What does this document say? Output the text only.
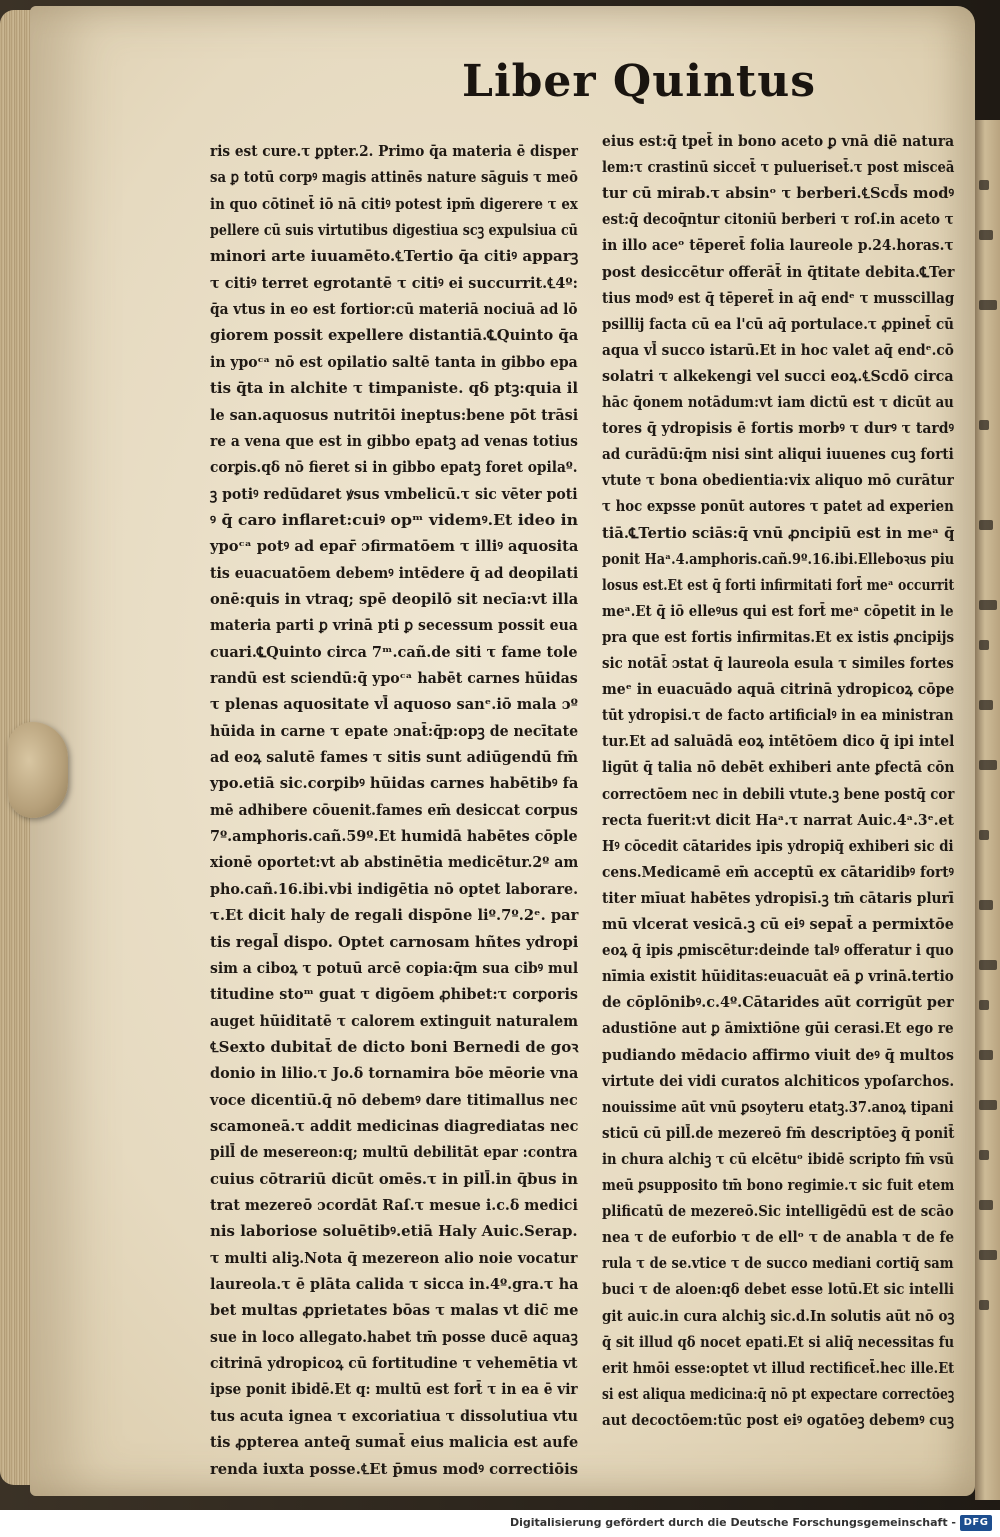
Liber Quintus
ris est cure.τ ꝑpter.2. Primo q̄a materia ē disper
sa ꝑ totū corpꝰ magis attinēs nature sāguis τ meō
in quo cōtinet̄ iō nā citiꝰ potest ipm̄ digerere τ ex
pellere cū suis virtutibus digestiua scꝫ expulsiua cū
minori arte iuuamēto.℄Tertio q̄a citiꝰ apparꝫ
τ citiꝰ terret egrotantē τ citiꝰ ei succurrit.℄4º:
q̄a vtus in eo est fortior:cū materiā nociuā ad lō
giorem possit expellere distantiā.℄Quinto q̄a
in ypoᶜᵃ nō est opilatio saltē tanta in gibbo epa
tis q̄ta in alchite τ timpaniste. qδ ptꝫ:quia il
le san.aquosus nutritōi ineptus:bene pōt trāsi
re a vena que est in gibbo epatꝫ ad venas totius
corꝑis.qδ nō fieret si in gibbo epatꝫ foret opilaº.
ꝫ potiꝰ redūdaret ꝟsus vmbelicū.τ sic vēter poti
ꝰ q̄ caro inflaret:cuiꝰ opᵐ videmꝰ.Et ideo in
ypoᶜᵃ potꝰ ad epar̄ ɔfirmatōem τ illiꝰ aquosita
tis euacuatōem debemꝰ intēdere q̄ ad deopilati
onē:quis in vtraq; spē deopilō sit necīa:vt illa
materia parti ꝑ vrinā pti ꝑ secessum possit eua
cuari.℄Quinto circa 7ᵐ.cañ.de siti τ fame tole
randū est sciendū:q̄ ypoᶜᵃ habēt carnes hūidas
τ plenas aquositate vl̄ aquoso sanᵉ.iō mala ɔº
hūida in carne τ epate ɔnat̄:q̄p:opꝫ de necītate
ad eoꝝ salutē fames τ sitis sunt adiūgendū fm̄
ypo.etiā sic.corꝑibꝰ hūidas carnes habētibꝰ fa
mē adhibere cōuenit.fames em̄ desiccat corpus
7º.amphoris.cañ.59º.Et humidā habētes cōple
xionē oportet:vt ab abstinētia medicētur.2º am
pho.cañ.16.ibi.vbi indigētia nō optet laborare.
τ.Et dicit haly de regali dispōne liº.7º.2ᵉ. par
tis regal̄ dispo. Optet carnosam hñtes ydropi
sim a ciboꝝ τ potuū arcē copia:q̄m sua cibꝰ mul
titudine stoᵐ guat τ digōem ꝓhibet:τ corꝑoris
auget hūiditatē τ calorem extinguit naturalem
℄Sexto dubitat̄ de dicto boni Bernedi de goꝛ
donio in lilio.τ Jo.δ tornamira bōe mēorie vna
voce dicentiū.q̄ nō debemꝰ dare titimallus nec
scamoneā.τ addit medicinas diagrediatas nec
pill̄ de mesereon:q; multū debilitāt epar :contra
cuius cōtrariū dicūt omēs.τ in pill̄.in q̄bus in
trat mezereō ɔcordāt Raſ.τ mesue i.c.δ medici
nis laboriose soluētibꝰ.etiā Haly Auic.Serap.
τ multi aliꝫ.Nota q̄ mezereon alio noie vocatur
laureola.τ ē plāta calida τ sicca in.4º.gra.τ ha
bet multas ꝓprietates bōas τ malas vt dic̄ me
sue in loco allegato.habet tm̄ posse ducē aquaꝫ
citrinā ydropicoꝝ cū fortitudine τ vehemētia vt
ipse ponit ibidē.Et q: multū est fort̄ τ in ea ē vir
tus acuta ignea τ excoriatiua τ dissolutiua vtu
tis ꝓpterea anteq̄ sumat̄ eius malicia est aufe
renda iuxta posse.℄Et p̄mus modꝰ correctiōis
eius est:q̄ tpet̄ in bono aceto ꝑ vnā diē natura
lem:τ crastinū siccet̄ τ pulueriset̄.τ post misceā
tur cū mirab.τ absinᵒ τ berberi.℄Scd̄s modꝰ
est:q̄ decoq̄ntur citoniū berberi τ roſ.in aceto τ
in illo aceᵒ tēperet̄ folia laureole p.24.horas.τ
post desiccētur offerāt̄ in q̄titate debita.℄Ter
tius modꝰ est q̄ tēperet̄ in aq̄ endᵉ τ musscillag
psillij facta cū ea l'cū aq̄ portulace.τ ꝓpinet̄ cū
aqua vl̄ succo istarū.Et in hoc valet aq̄ endᵉ.cō
solatri τ alkekengi vel succi eoꝝ.℄Scdō circa
hāc q̄onem notādum:vt iam dictū est τ dicūt au
tores q̄ ydropisis ē fortis morbꝰ τ durꝰ τ tardꝰ
ad curādū:q̄m nisi sint aliqui iuuenes cuꝫ forti
vtute τ bona obedientia:vix aliquo mō curātur
τ hoc expsse ponūt autores τ patet ad experien
tiā.℄Tertio sciās:q̄ vnū ꝓncipiū est in meᵃ q̄
ponit Haᵃ.4.amphoris.cañ.9º.16.ibi.Elleboꝛus piu
losus est.Et est q̄ forti infirmitati fort̄ meᵃ occurrit
meᵃ.Et q̄ iō elleꝰus qui est fort̄ meᵃ cōpetit in le
pra que est fortis infirmitas.Et ex istis ꝓncipijs
sic notāt̄ ɔstat q̄ laureola esula τ similes fortes
meᵉ in euacuādo aquā citrinā ydropicoꝝ cōpe
tūt ydropisi.τ de facto artificialꝰ in ea ministran
tur.Et ad saluādā eoꝝ intētōem dico q̄ ipi intel
ligūt q̄ talia nō debēt exhiberi ante ꝑfectā cōn
correctōem nec in debili vtute.ꝫ bene postq̄ cor
recta fuerit:vt dicit Haᵃ.τ narrat Auic.4ᵃ.3ᵉ.et
Hꝰ cōcedit cātarides ipis ydropiq̄ exhiberi sic di
cens.Medicamē em̄ acceptū ex cātaridibꝰ fortꝰ
titer mīuat habētes ydropisī.ꝫ tm̄ cātaris plurī
mū vlcerat vesicā.ꝫ cū eiꝰ sepat̄ a permixtōe
eoꝝ q̄ ipis ꝓmiscētur:deinde talꝰ offeratur i quo
nīmia existit hūiditas:euacuāt eā ꝑ vrinā.tertio
de cōplōnibꝰ.c.4º.Cātarides aūt corrigūt per
adustiōne aut ꝑ āmixtiōne gūi cerasi.Et ego re
pudiando mēdacio affirmo viuit deꝰ q̄ multos
virtute dei vidi curatos alchiticos ypoſarchos.
nouissime aūt vnū ꝑsoyteru etatꝫ.37.anoꝝ tipani
sticū cū pill̄.de mezereō fm̄ descriptōeꝫ q̄ ponit̄
in chura alchiꝫ τ cū elcētuᵒ ibidē scripto fm̄ vsū
meū ꝑsupposito tm̄ bono regimie.τ sic fuit etem
plificatū de mezereō.Sic intelligēdū est de scāo
nea τ de euforbio τ de ellᵒ τ de anabla τ de fe
rula τ de se.vtice τ de succo mediani cortiq̄ sam
buci τ de aloen:qδ debet esse lotū.Et sic intelli
git auic.in cura alchiꝫ sic.d.In solutis aūt nō oꝫ
q̄ sit illud qδ nocet epati.Et si aliq̄ necessitas fu
erit hmōi esse:optet vt illud rectificet̄.hec ille.Et
si est aliqua medicina:q̄ nō pt expectare correctōeꝫ
aut decoctōem:tūc post eiꝰ ogatōeꝫ debemꝰ cuꝫ
Digitalisierung gefördert durch die Deutsche Forschungsgemeinschaft - DFG
